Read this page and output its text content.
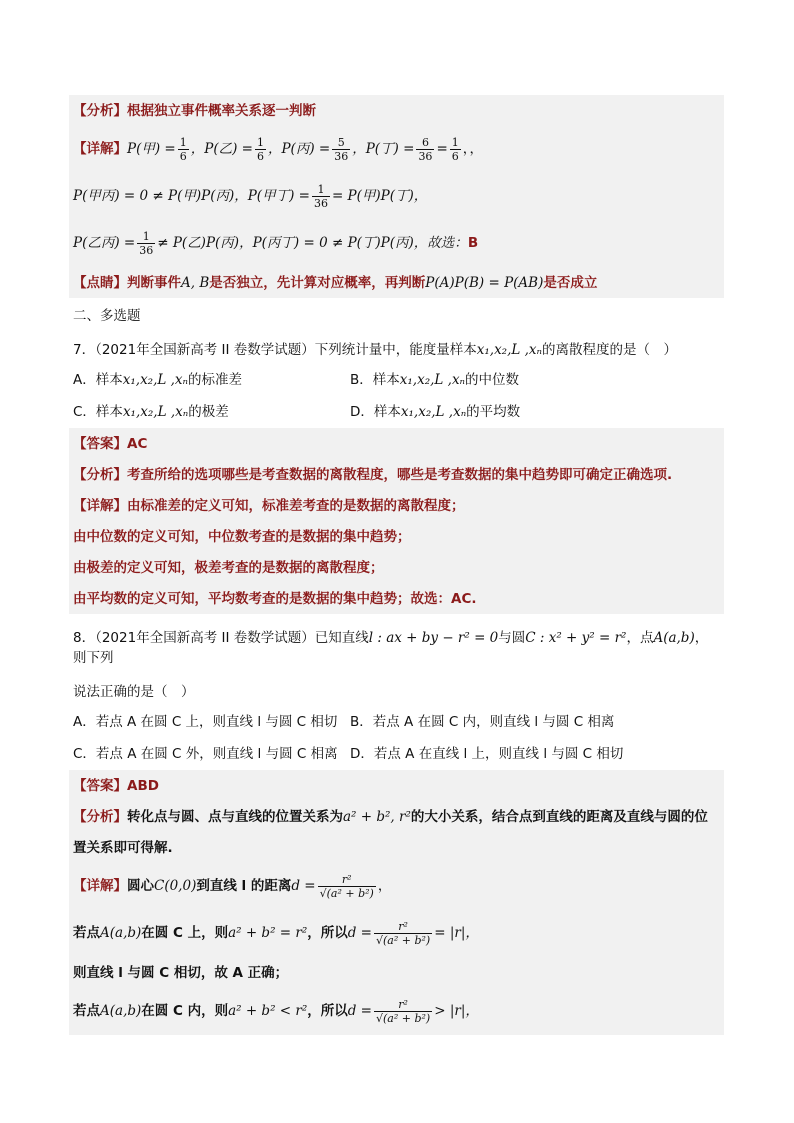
【分析】根据独立事件概率关系逐一判断
【详解】P(甲) = $\frac{1}{6}$ ，P(乙) = $\frac{1}{6}$ ，P(丙) = $\frac{5}{36}$ ，P(丁) = $\frac{6}{36} = \frac{1}{6}$ ，，
P(甲丙) = 0 ≠ P(甲)P(丙)，P(甲丁) = $\frac{1}{36} = P$(甲)P(丁)，
P(乙丙) = $\frac{1}{36} \ne P$(乙)P(丙)，P(丙丁) = 0 ≠ P(丁)P(丙)，故选：B
【点睛】判断事件A, B是否独立，先计算对应概率，再判断P(A)P(B) = P(AB)是否成立
二、多选题
7．（2021年全国新高考 II 卷数学试题）下列统计量中，能度量样本x₁,x₂,L ,xₙ的离散程度的是（　）
A．样本x₁,x₂,L ,xₙ的标准差	B．样本x₁,x₂,L ,xₙ的中位数
C．样本x₁,x₂,L ,xₙ的极差	D．样本x₁,x₂,L ,xₙ的平均数
【答案】AC
【分析】考查所给的选项哪些是考查数据的离散程度，哪些是考查数据的集中趋势即可确定正确选项.
【详解】由标准差的定义可知，标准差考查的是数据的离散程度；
由中位数的定义可知，中位数考查的是数据的集中趋势；
由极差的定义可知，极差考查的是数据的离散程度；
由平均数的定义可知，平均数考查的是数据的集中趋势；故选：AC.
8．（2021年全国新高考 II 卷数学试题）已知直线l : ax + by − r² = 0与圆C : x² + y² = r²，点A(a,b)，则下列
说法正确的是（　）
A．若点 A 在圆 C 上，则直线 l 与圆 C 相切 B．若点 A 在圆 C 内，则直线 l 与圆 C 相离
C．若点 A 在圆 C 外，则直线 l 与圆 C 相离 D．若点 A 在直线 l 上，则直线 l 与圆 C 相切
【答案】ABD
【分析】转化点与圆、点与直线的位置关系为a² + b², r²的大小关系，结合点到直线的距离及直线与圆的位
置关系即可得解.
【详解】圆心C(0,0)到直线 l 的距离$d = \frac{\text{r²}}{\text{√(a² + b²)}}$ ，
若点A(a,b)在圆 C 上，则a² + b² = r²，所以$d = \frac{\text{r²}}{\text{√(a² + b²)}} = |r|$，
则直线 l 与圆 C 相切，故 A 正确；
若点A(a,b)在圆 C 内，则a² + b² < r²，所以$d = \frac{\text{r²}}{\text{√(a² + b²)}} > |r|$，
